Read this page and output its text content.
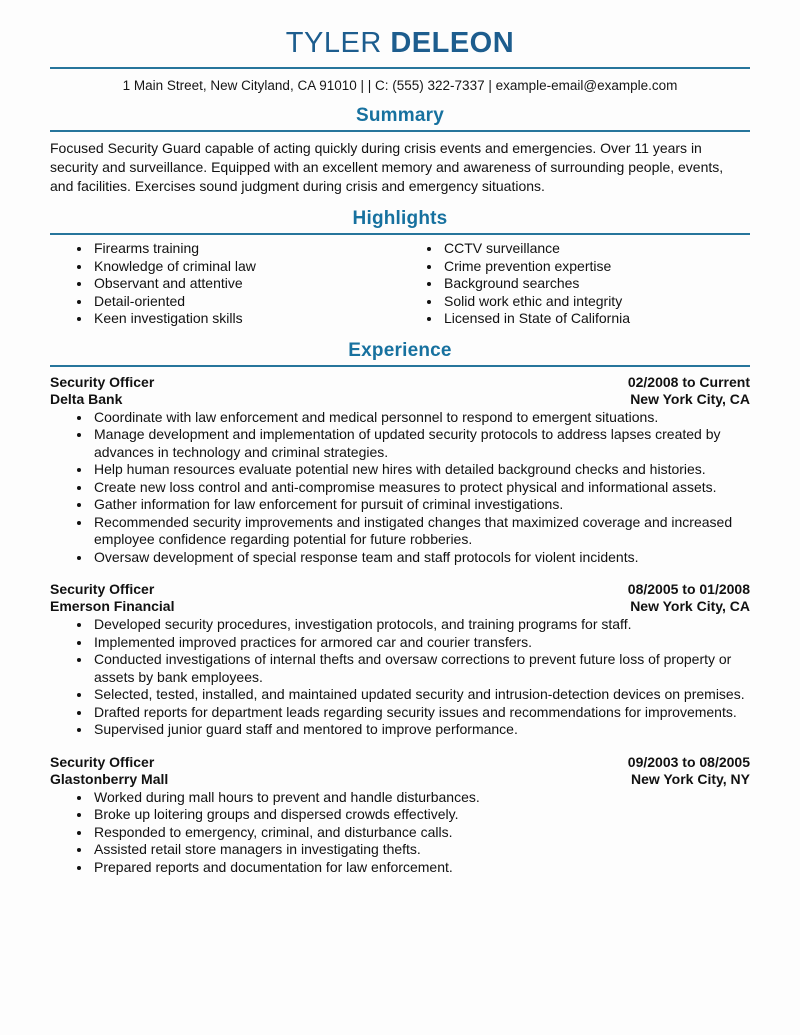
TYLER DELEON
1 Main Street, New Cityland, CA 91010 | | C: (555) 322-7337 | example-email@example.com
Summary

Focused Security Guard capable of acting quickly during crisis events and emergencies. Over 11 years in security and surveillance. Equipped with an excellent memory and awareness of surrounding people, events, and facilities. Exercises sound judgment during crisis and emergency situations.

Highlights
• Firearms training
• Knowledge of criminal law
• Observant and attentive
• Detail-oriented
• Keen investigation skills
• CCTV surveillance
• Crime prevention expertise
• Background searches
• Solid work ethic and integrity
• Licensed in State of California
Experience
Security Officer	02/2008 to Current
Delta Bank	New York City, CA
• Coordinate with law enforcement and medical personnel to respond to emergent situations.
• Manage development and implementation of updated security protocols to address lapses created by advances in technology and criminal strategies.
• Help human resources evaluate potential new hires with detailed background checks and histories.
• Create new loss control and anti-compromise measures to protect physical and informational assets.
• Gather information for law enforcement for pursuit of criminal investigations.
• Recommended security improvements and instigated changes that maximized coverage and increased employee confidence regarding potential for future robberies.
• Oversaw development of special response team and staff protocols for violent incidents.
Security Officer	08/2005 to 01/2008
Emerson Financial	New York City, CA
• Developed security procedures, investigation protocols, and training programs for staff.
• Implemented improved practices for armored car and courier transfers.
• Conducted investigations of internal thefts and oversaw corrections to prevent future loss of property or assets by bank employees.
• Selected, tested, installed, and maintained updated security and intrusion-detection devices on premises.
• Drafted reports for department leads regarding security issues and recommendations for improvements.
• Supervised junior guard staff and mentored to improve performance.
Security Officer	09/2003 to 08/2005
Glastonberry Mall	New York City, NY
• Worked during mall hours to prevent and handle disturbances.
• Broke up loitering groups and dispersed crowds effectively.
• Responded to emergency, criminal, and disturbance calls.
• Assisted retail store managers in investigating thefts.
• Prepared reports and documentation for law enforcement.
